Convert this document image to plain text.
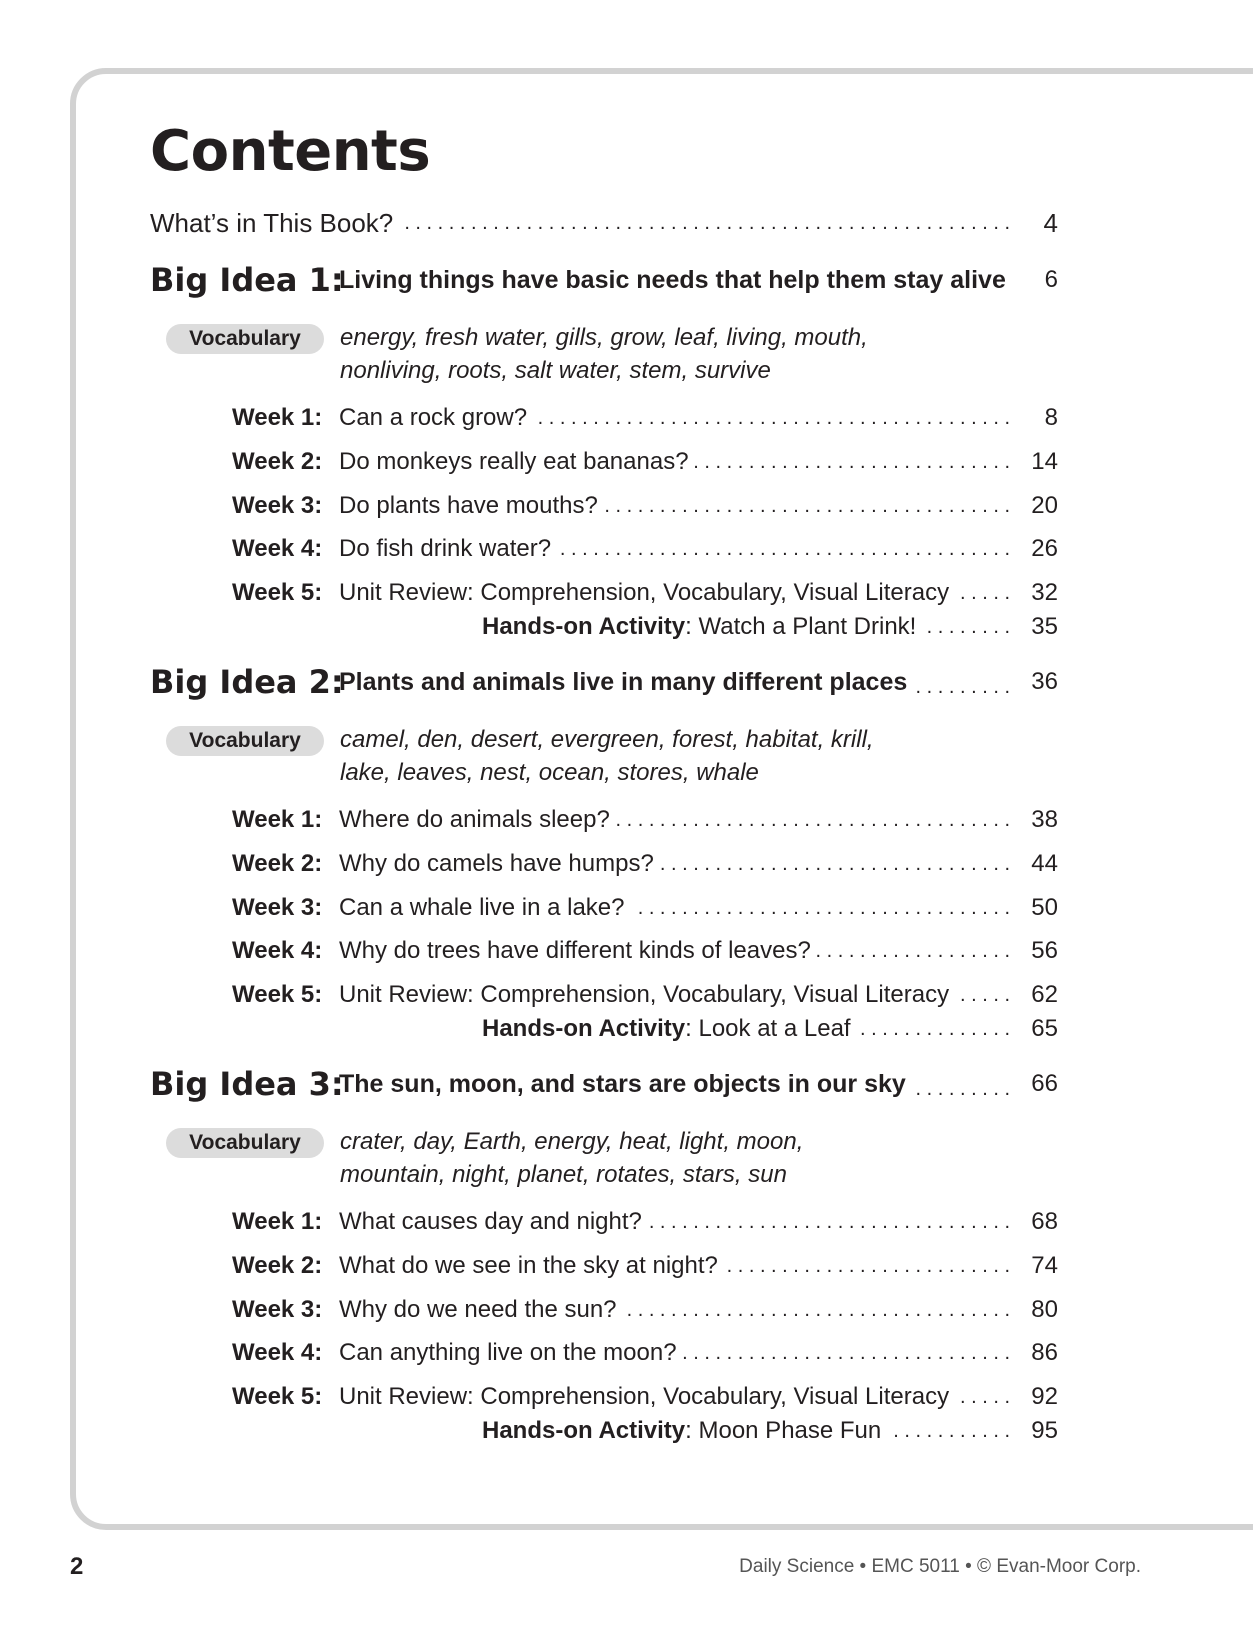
Contents
What’s in This Book? . . .	4
Big Idea 1:
Living things have basic needs that help them stay alive	6
Vocabulary	energy, fresh water, gills, grow, leaf, living, mouth,
nonliving, roots, salt water, stem, survive
Week 1: Can a rock grow? . . .	8
Week 2: Do monkeys really eat bananas? . . .	14
Week 3: Do plants have mouths? . . .	20
Week 4: Do fish drink water? . . .	26
Week 5: Unit Review: Comprehension, Vocabulary, Visual Literacy . . .	32
Hands-on Activity : Watch a Plant Drink! . . .	35
Big Idea 2:
Plants and animals live in many different places . . .	36
Vocabulary	camel, den, desert, evergreen, forest, habitat, krill,
lake, leaves, nest, ocean, stores, whale
Week 1: Where do animals sleep? . . .	38
Week 2: Why do camels have humps? . . .	44
Week 3: Can a whale live in a lake? . . .	50
Week 4: Why do trees have different kinds of leaves? . . .	56
Week 5: Unit Review: Comprehension, Vocabulary, Visual Literacy . . .	62
Hands-on Activity : Look at a Leaf . . .	65
Big Idea 3:
The sun, moon, and stars are objects in our sky . . .	66
Vocabulary	crater, day, Earth, energy, heat, light, moon,
mountain, night, planet, rotates, stars, sun
Week 1: What causes day and night? . . .	68
Week 2: What do we see in the sky at night? . . .	74
Week 3: Why do we need the sun? . . .	80
Week 4: Can anything live on the moon? . . .	86
Week 5: Unit Review: Comprehension, Vocabulary, Visual Literacy . . .	92
Hands-on Activity : Moon Phase Fun . . .	95
2	Daily Science • EMC 5011 • © Evan-Moor Corp.
